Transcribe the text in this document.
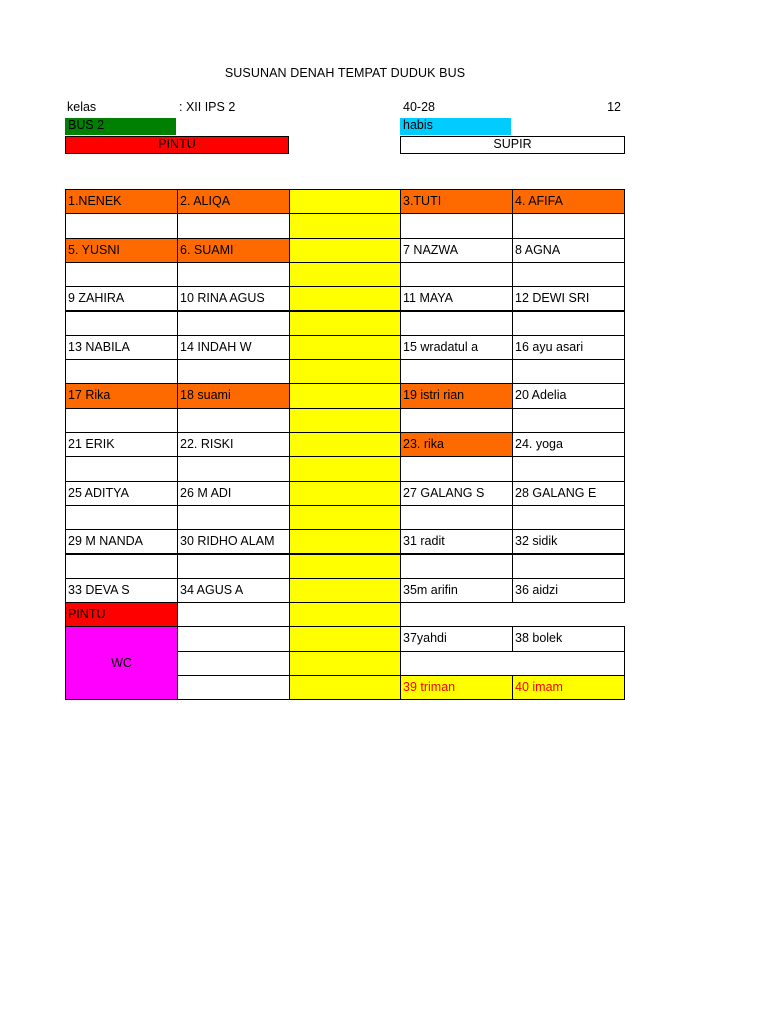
SUSUNAN DENAH TEMPAT DUDUK BUS
kelas	: XII IPS 2	40-28	12
BUS 2	habis
PINTU	SUPIR
1.NENEK	2. ALIQA	3.TUTI	4. AFIFA
5. YUSNI	6. SUAMI	7 NAZWA	8 AGNA
9 ZAHIRA	10 RINA AGUS	11 MAYA	12 DEWI SRI
13 NABILA	14 INDAH W	15 wradatul a	16 ayu asari
17 Rika	18 suami	19 istri rian	20 Adelia
21 ERIK	22. RISKI	23. rika	24. yoga
25 ADITYA	26 M ADI	27 GALANG S	28 GALANG E
29 M NANDA	30 RIDHO ALAM	31 radit	32 sidik
33 DEVA S	34 AGUS A	35m arifin	36 aidzi
PINTU
WC
37yahdi	38 bolek
39 triman	40 imam
